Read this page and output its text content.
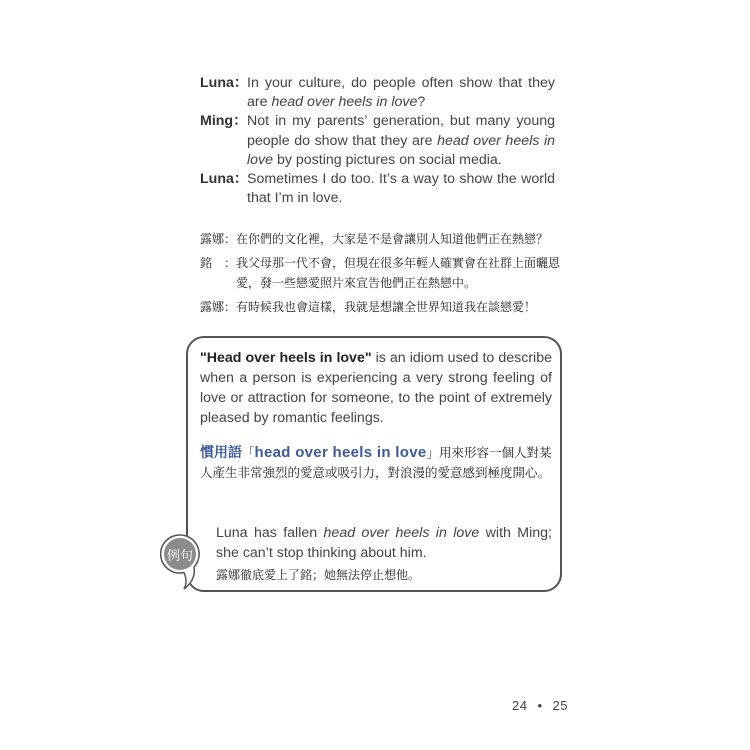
Luna：
In your culture, do people often show that they are head over heels in love?
Ming： Not in my parents’ generation, but many young people do show that they are head over heels in love by posting pictures on social media.
Luna：
Sometimes I do too. It’s a way to show the world that I’m in love.
露娜： 在你們的文化裡，大家是不是會讓別人知道他們正在熱戀？
銘　： 我父母那一代不會，但現在很多年輕人確實會在社群上面曬恩愛，發一些戀愛照片來宣告他們正在熱戀中。
露娜： 有時候我也會這樣，我就是想讓全世界知道我在談戀愛！
"Head over heels in love" is an idiom used to describe when a person is experiencing a very strong feeling of love or attraction for someone, to the point of extremely pleased by romantic feelings.
慣用語「head over heels in love」用來形容一個人對某人產生非常強烈的愛意或吸引力，對浪漫的愛意感到極度開心。
例句
Luna has fallen head over heels in love with Ming; she can’t stop thinking about him.
露娜徹底愛上了銘；她無法停止想他。
24 • 25
